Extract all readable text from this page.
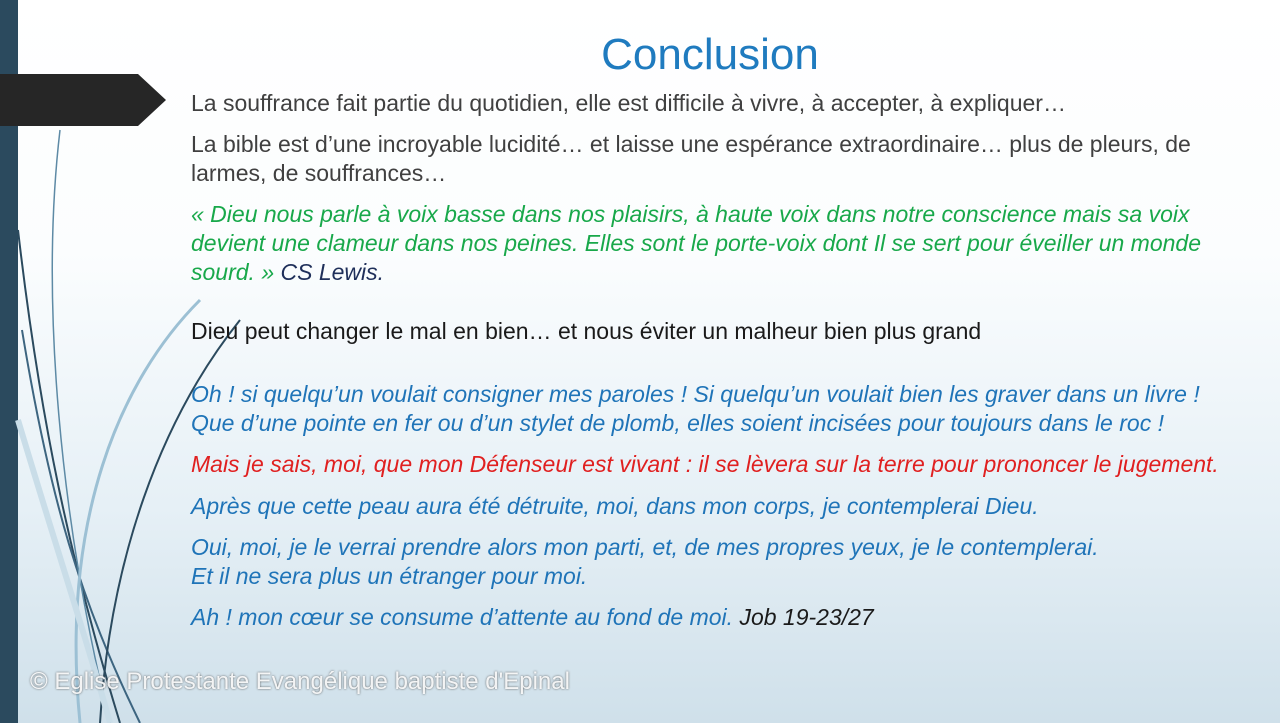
Conclusion

La souffrance fait partie du quotidien, elle est difficile à vivre, à accepter, à expliquer…

La bible est d’une incroyable lucidité… et laisse une espérance extraordinaire… plus de pleurs, de larmes, de souffrances…

« Dieu nous parle à voix basse dans nos plaisirs, à haute voix dans notre conscience mais sa voix devient une clameur dans nos peines. Elles sont le porte-voix dont Il se sert pour éveiller un monde sourd. » CS Lewis.

Dieu peut changer le mal en bien… et nous éviter un malheur bien plus grand

Oh ! si quelqu’un voulait consigner mes paroles ! Si quelqu’un voulait bien les graver dans un livre ! Que d’une pointe en fer ou d’un stylet de plomb, elles soient incisées pour toujours dans le roc !

Mais je sais, moi, que mon Défenseur est vivant : il se lèvera sur la terre pour prononcer le jugement.

Après que cette peau aura été détruite, moi, dans mon corps, je contemplerai Dieu.

Oui, moi, je le verrai prendre alors mon parti, et, de mes propres yeux, je le contemplerai. Et il ne sera plus un étranger pour moi.

Ah ! mon cœur se consume d’attente au fond de moi. Job 19-23/27

© Eglise Protestante Evangélique baptiste d'Epinal
